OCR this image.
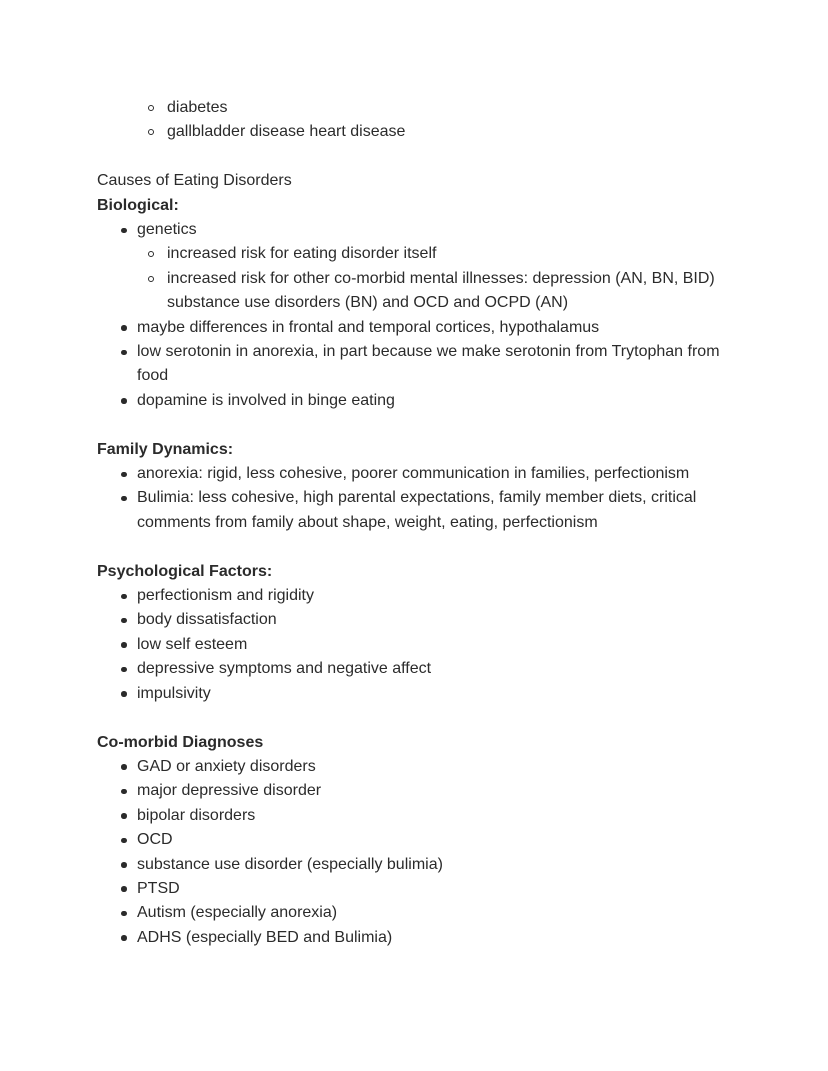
diabetes
gallbladder disease heart disease

Causes of Eating Disorders

Biological:

genetics
increased risk for eating disorder itself
increased risk for other co-morbid mental illnesses: depression (AN, BN, BID) substance use disorders (BN) and OCD and OCPD (AN)
maybe differences in frontal and temporal cortices, hypothalamus
low serotonin in anorexia, in part because we make serotonin from Trytophan from food
dopamine is involved in binge eating

Family Dynamics:

anorexia: rigid, less cohesive, poorer communication in families, perfectionism
Bulimia: less cohesive, high parental expectations, family member diets, critical comments from family about shape, weight, eating, perfectionism

Psychological Factors:

perfectionism and rigidity
body dissatisfaction
low self esteem
depressive symptoms and negative affect
impulsivity

Co-morbid Diagnoses

GAD or anxiety disorders
major depressive disorder
bipolar disorders
OCD
substance use disorder (especially bulimia)
PTSD
Autism (especially anorexia)
ADHS (especially BED and Bulimia)
